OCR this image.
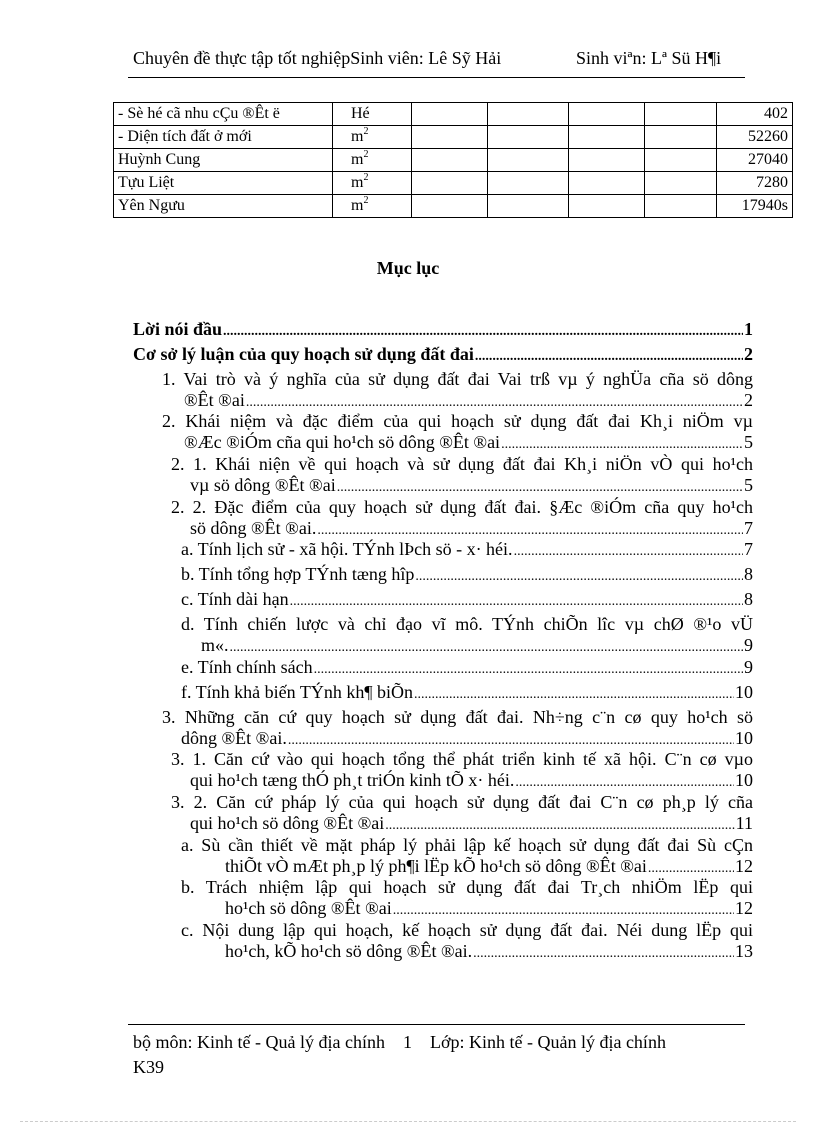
Chuyên đề thực tập tốt nghiệpSinh viên: Lê Sỹ Hải	Sinh viªn: Lª Sü H¶i
- Sè hé cã nhu cÇu ®Êt ë	Hé					402
- Diện tích đất ở mới	$m^2$					52260
Huỳnh Cung	$m^2$					27040
Tựu Liệt	$m^2$					7280
Yên Ngưu	$m^2$					17940s
Mục lục
Lời nói đầu .....	1
Cơ sở lý luận của quy hoạch sử dụng đất đai .....	2
1. Vai trò và ý nghĩa của sử dụng đất đai Vai trß vµ ý nghÜa cña sö dông
®Êt ®ai .....	2
2. Khái niệm và đặc điểm của qui hoạch sử dụng đất đai Kh¸i niÖm vµ
®Æc ®iÓm cña qui ho¹ch sö dông ®Êt ®ai .....	5
2. 1. Khái niện về qui hoạch và sử dụng đất đai Kh¸i niÖn vÒ qui ho¹ch
vµ sö dông ®Êt ®ai .....	5
2. 2. Đặc điểm của quy hoạch sử dụng đất đai. §Æc ®iÓm cña quy ho¹ch
sö dông ®Êt ®ai. .....	7
a. Tính lịch sử - xã hội. TÝnh lÞch sö - x· héi. .....	7
b. Tính tổng hợp TÝnh tæng hîp .....	8
c. Tính dài hạn .....	8
d. Tính chiến lược và chỉ đạo vĩ mô. TÝnh chiÕn lîc vµ chØ ®¹o vÜ
m«. .....	9
e. Tính chính sách .....	9
f. Tính khả biến TÝnh kh¶ biÕn .....	10
3. Những căn cứ quy hoạch sử dụng đất đai. Nh÷ng c¨n cø quy ho¹ch sö
dông ®Êt ®ai. .....	10
3. 1. Căn cứ vào qui hoạch tổng thể phát triển kinh tế xã hội. C¨n cø vµo
qui ho¹ch tæng thÓ ph¸t triÓn kinh tÕ x· héi. .....	10
3. 2. Căn cứ pháp lý của qui hoạch sử dụng đất đai C¨n cø ph¸p lý cña
qui ho¹ch sö dông ®Êt ®ai .....	11
a. Sù cần thiết về mặt pháp lý phải lập kế hoạch sử dụng đất đai Sù cÇn
thiÕt vÒ mÆt ph¸p lý ph¶i lËp kÕ ho¹ch sö dông ®Êt ®ai .....	12
b. Trách nhiệm lập qui hoạch sử dụng đất đai Tr¸ch nhiÖm lËp qui
ho¹ch sö dông ®Êt ®ai .....	12
c. Nội dung lập qui hoạch, kế hoạch sử dụng đất đai. Néi dung lËp qui
ho¹ch, kÕ ho¹ch sö dông ®Êt ®ai. .....	13
bộ môn: Kinh tế - Quả lý địa chính 1 Lớp: Kinh tế - Quản lý địa chính
K39
